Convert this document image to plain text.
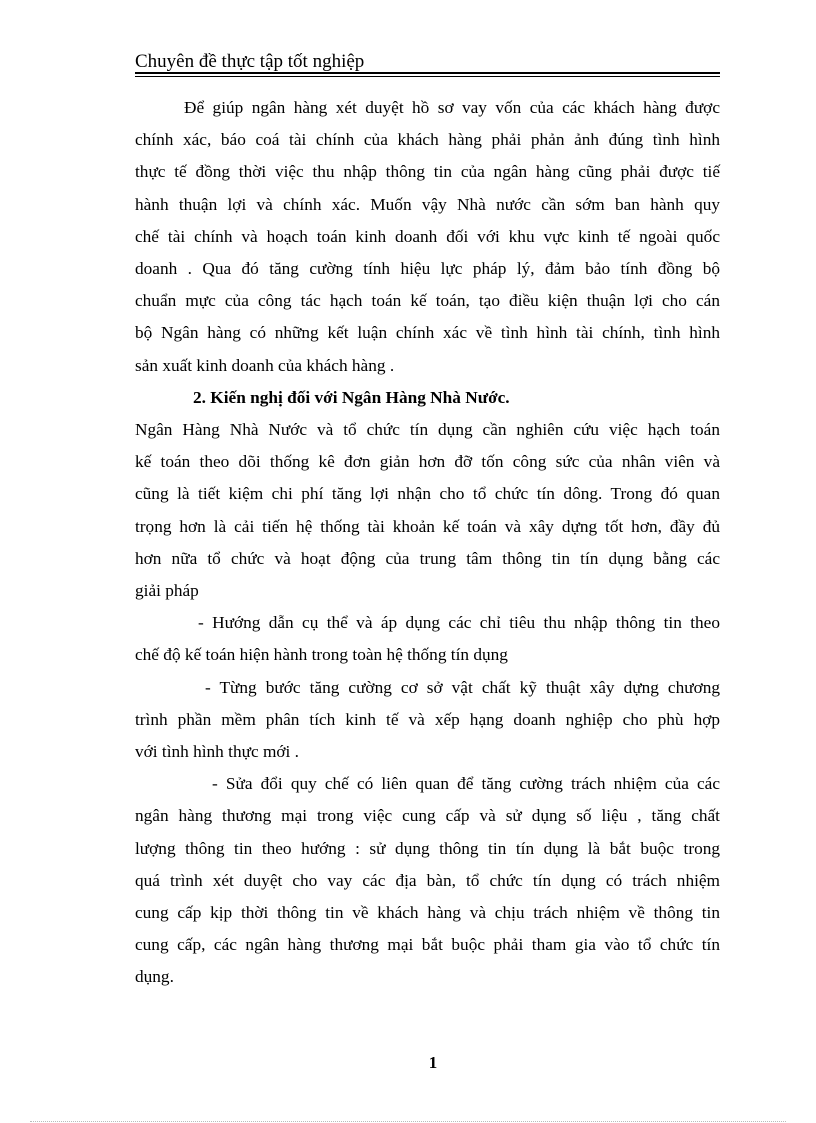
Chuyên đề thực tập tốt nghiệp
Để giúp ngân hàng xét duyệt hồ sơ vay vốn của các khách hàng được
chính xác, báo coá tài chính của khách hàng phải phản ảnh đúng tình hình
thực tế đồng thời việc thu nhập thông tin của ngân hàng cũng phải được tiế
hành thuận lợi và chính xác. Muốn vậy Nhà nước cần sớm ban hành quy
chế tài chính và hoạch toán kinh doanh đối với khu vực kinh tế ngoài quốc
doanh . Qua đó tăng cường tính hiệu lực pháp lý, đảm bảo tính đồng bộ
chuẩn mực của công tác hạch toán kế toán, tạo điều kiện thuận lợi cho cán
bộ Ngân hàng có những kết luận chính xác về tình hình tài chính, tình hình
sản xuất kinh doanh của khách hàng .
2. Kiến nghị đối với Ngân Hàng Nhà Nước.
Ngân Hàng Nhà Nước và tổ chức tín dụng cần nghiên cứu việc hạch toán
kế toán theo dõi thống kê đơn giản hơn đỡ tốn công sức của nhân viên và
cũng là tiết kiệm chi phí tăng lợi nhận cho tổ chức tín dông. Trong đó quan
trọng hơn là cải tiến hệ thống tài khoản kế toán và xây dựng tốt hơn, đầy đủ
hơn nữa tổ chức và hoạt động của trung tâm thông tin tín dụng bằng các
giải pháp
- Hướng dẫn cụ thể và áp dụng các chỉ tiêu thu nhập thông tin theo
chế độ kế toán hiện hành trong toàn hệ thống tín dụng
- Từng bước tăng cường cơ sở vật chất kỹ thuật xây dựng chương
trình phần mềm phân tích kinh tế và xếp hạng doanh nghiệp cho phù hợp
với tình hình thực mới .
- Sửa đổi quy chế có liên quan để tăng cường trách nhiệm của các
ngân hàng thương mại trong việc cung cấp và sử dụng số liệu , tăng chất
lượng thông tin theo hướng : sử dụng thông tin tín dụng là bắt buộc trong
quá trình xét duyệt cho vay các địa bàn, tổ chức tín dụng có trách nhiệm
cung cấp kịp thời thông tin về khách hàng và chịu trách nhiệm về thông tin
cung cấp, các ngân hàng thương mại bắt buộc phải tham gia vào tổ chức tín
dụng.
1
